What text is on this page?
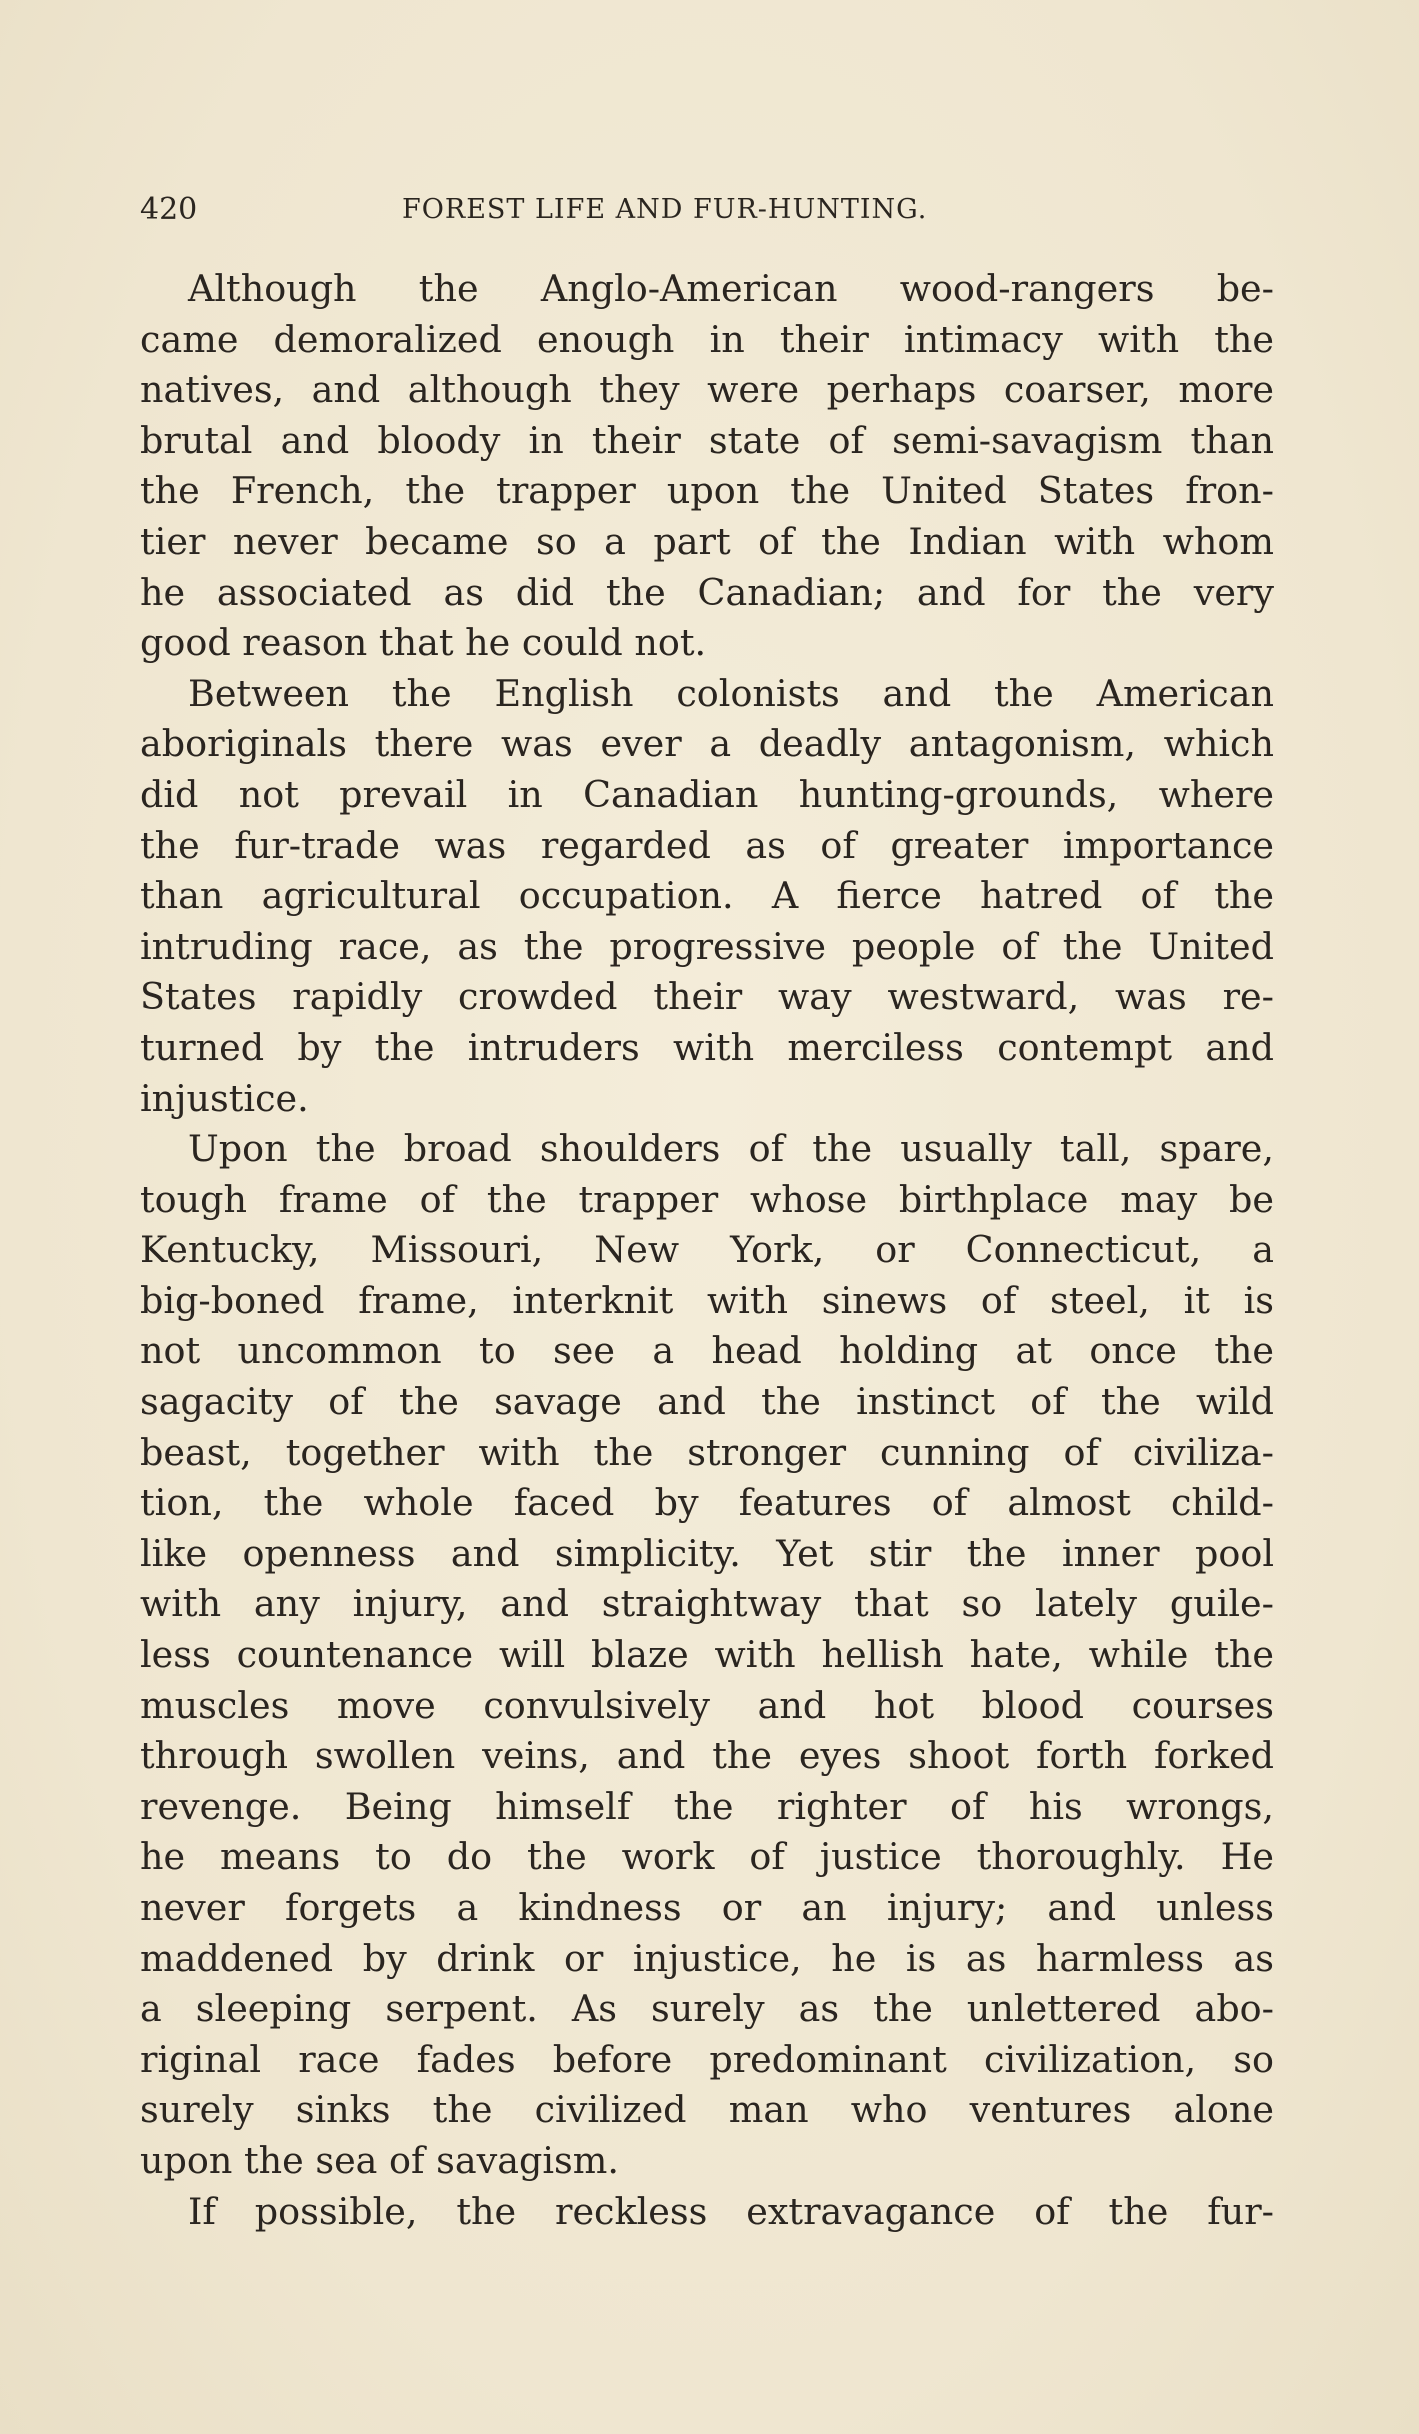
420	FOREST LIFE AND FUR-HUNTING.
Although the Anglo-American wood-rangers be-
came demoralized enough in their intimacy with the
natives, and although they were perhaps coarser, more
brutal and bloody in their state of semi-savagism than
the French, the trapper upon the United States fron-
tier never became so a part of the Indian with whom
he associated as did the Canadian; and for the very
good reason that he could not.
Between the English colonists and the American
aboriginals there was ever a deadly antagonism, which
did not prevail in Canadian hunting-grounds, where
the fur-trade was regarded as of greater importance
than agricultural occupation. A fierce hatred of the
intruding race, as the progressive people of the United
States rapidly crowded their way westward, was re-
turned by the intruders with merciless contempt and
injustice.
Upon the broad shoulders of the usually tall, spare,
tough frame of the trapper whose birthplace may be
Kentucky, Missouri, New York, or Connecticut, a
big-boned frame, interknit with sinews of steel, it is
not uncommon to see a head holding at once the
sagacity of the savage and the instinct of the wild
beast, together with the stronger cunning of civiliza-
tion, the whole faced by features of almost child-
like openness and simplicity. Yet stir the inner pool
with any injury, and straightway that so lately guile-
less countenance will blaze with hellish hate, while the
muscles move convulsively and hot blood courses
through swollen veins, and the eyes shoot forth forked
revenge. Being himself the righter of his wrongs,
he means to do the work of justice thoroughly. He
never forgets a kindness or an injury; and unless
maddened by drink or injustice, he is as harmless as
a sleeping serpent. As surely as the unlettered abo-
riginal race fades before predominant civilization, so
surely sinks the civilized man who ventures alone
upon the sea of savagism.
If possible, the reckless extravagance of the fur-
